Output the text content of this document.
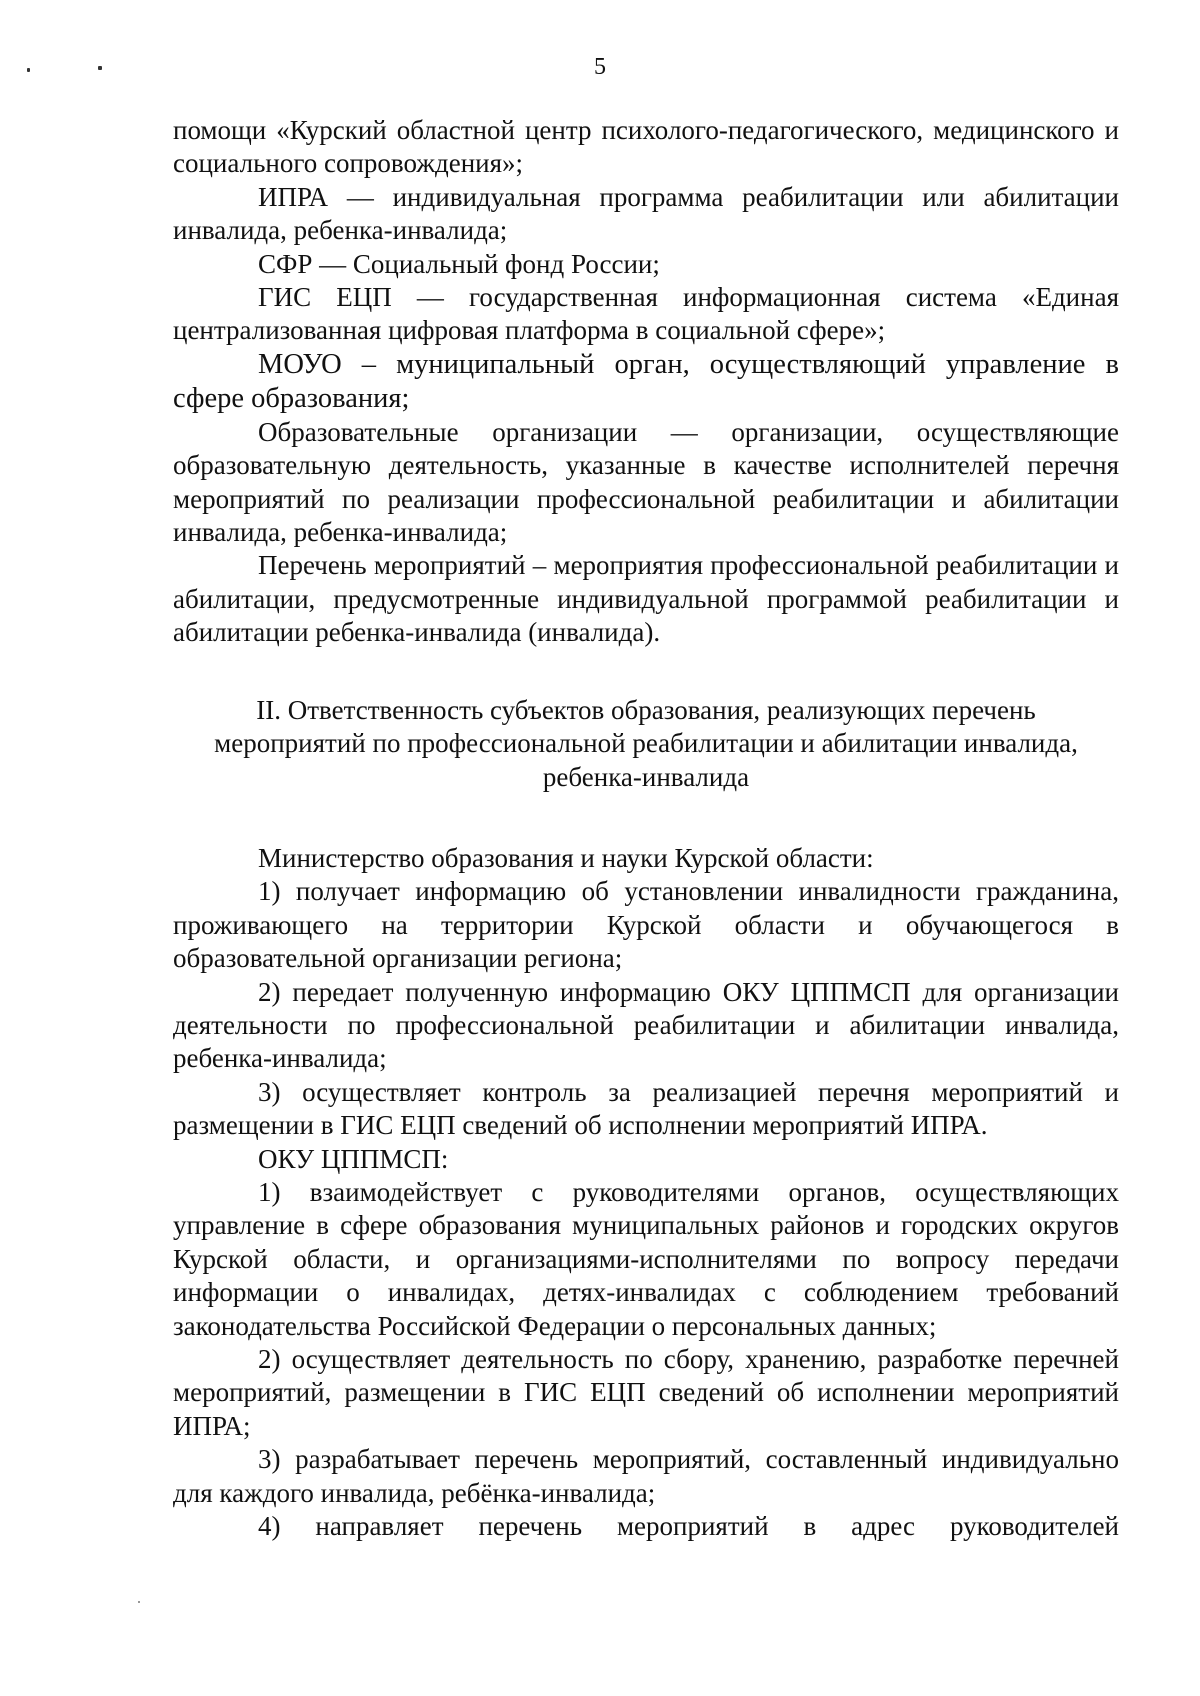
5

помощи «Курский областной центр психолого-педагогического, медицинского и социального сопровождения»;

ИПРА — индивидуальная программа реабилитации или абилитации инвалида, ребенка-инвалида;

СФР — Социальный фонд России;

ГИС ЕЦП — государственная информационная система «Единая централизованная цифровая платформа в социальной сфере»;

МОУО – муниципальный орган, осуществляющий управление в сфере образования;

Образовательные организации — организации, осуществляющие образовательную деятельность, указанные в качестве исполнителей перечня мероприятий по реализации профессиональной реабилитации и абилитации инвалида, ребенка-инвалида;

Перечень мероприятий – мероприятия профессиональной реабилитации и абилитации, предусмотренные индивидуальной программой реабилитации и абилитации ребенка-инвалида (инвалида).

II. Ответственность субъектов образования, реализующих перечень
мероприятий по профессиональной реабилитации и абилитации инвалида,
ребенка-инвалида

Министерство образования и науки Курской области:

1) получает информацию об установлении инвалидности гражданина, проживающего на территории Курской области и обучающегося в образовательной организации региона;

2) передает полученную информацию ОКУ ЦППМСП для организации деятельности по профессиональной реабилитации и абилитации инвалида, ребенка-инвалида;

3) осуществляет контроль за реализацией перечня мероприятий и размещении в ГИС ЕЦП сведений об исполнении мероприятий ИПРА.

ОКУ ЦППМСП:

1) взаимодействует с руководителями органов, осуществляющих управление в сфере образования муниципальных районов и городских округов Курской области, и организациями-исполнителями по вопросу передачи информации о инвалидах, детях-инвалидах с соблюдением требований законодательства Российской Федерации о персональных данных;

2) осуществляет деятельность по сбору, хранению, разработке перечней мероприятий, размещении в ГИС ЕЦП сведений об исполнении мероприятий ИПРА;

3) разрабатывает перечень мероприятий, составленный индивидуально для каждого инвалида, ребёнка-инвалида;

4) направляет перечень мероприятий в адрес руководителей
